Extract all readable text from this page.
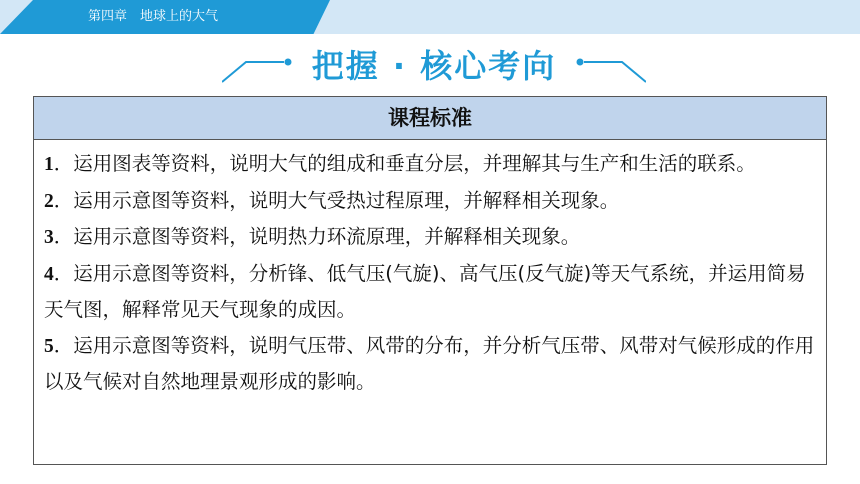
第四章　地球上的大气
把握 · 核心考向
课程标准

1．运用图表等资料，说明大气的组成和垂直分层，并理解其与生产和生活的联系。

2．运用示意图等资料，说明大气受热过程原理，并解释相关现象。

3．运用示意图等资料，说明热力环流原理，并解释相关现象。

4．运用示意图等资料，分析锋、低气压(气旋)、高气压(反气旋)等天气系统，并运用简易天气图，解释常见天气现象的成因。

5．运用示意图等资料，说明气压带、风带的分布，并分析气压带、风带对气候形成的作用以及气候对自然地理景观形成的影响。
